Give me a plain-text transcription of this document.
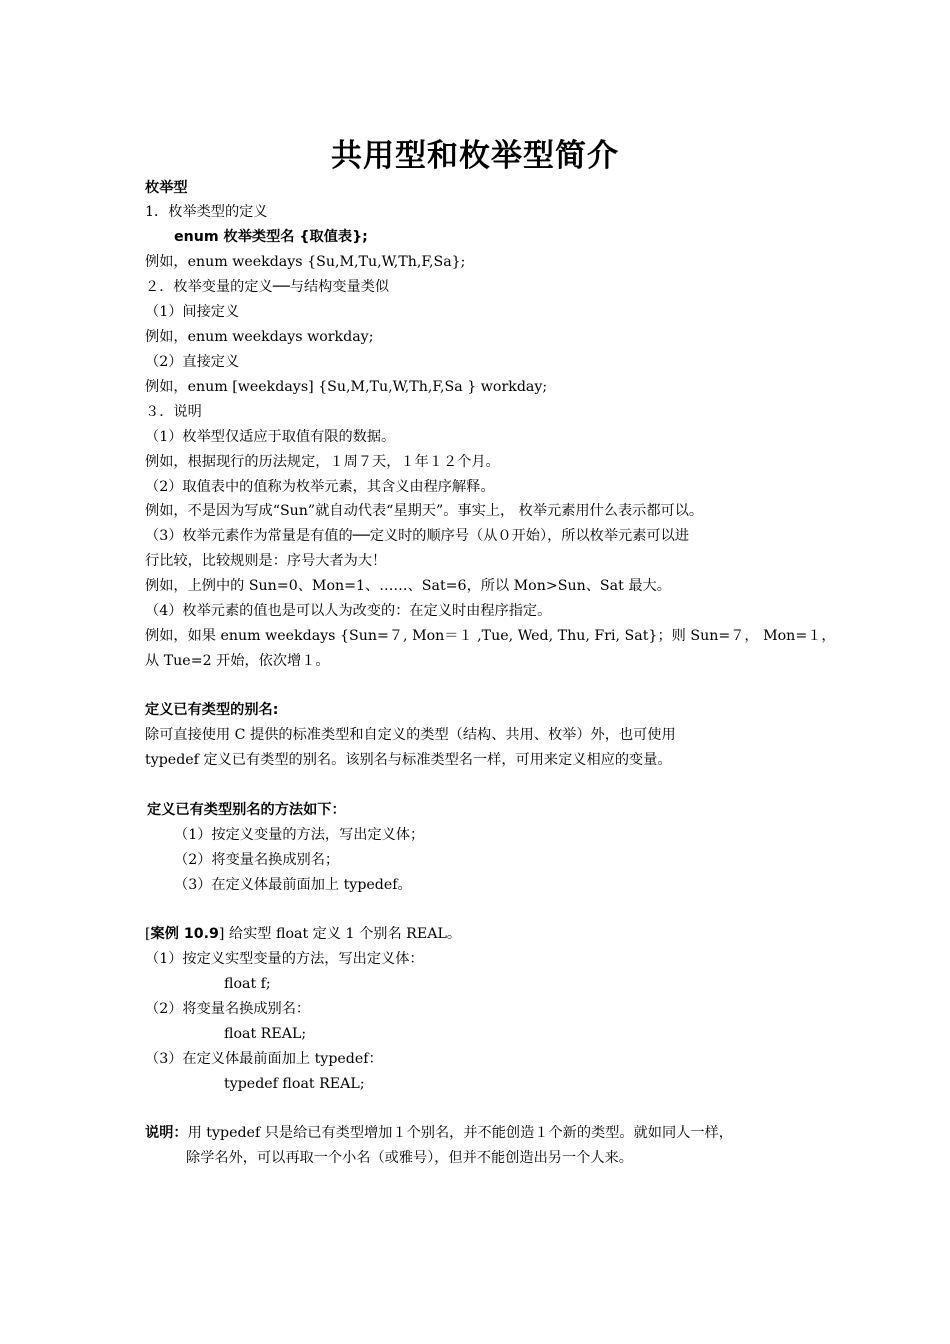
共用型和枚举型简介
枚举型
1．枚举类型的定义
enum 枚举类型名 {取值表};
例如，enum weekdays {Su,M,Tu,W,Th,F,Sa};
２．枚举变量的定义──与结构变量类似
（1）间接定义
例如，enum weekdays workday;
（2）直接定义
例如，enum [weekdays] {Su,M,Tu,W,Th,F,Sa } workday;
３．说明
（1）枚举型仅适应于取值有限的数据。
例如，根据现行的历法规定，１周７天，１年１２个月。
（2）取值表中的值称为枚举元素，其含义由程序解释。
例如，不是因为写成“Sun”就自动代表“星期天”。事实上， 枚举元素用什么表示都可以。
（3）枚举元素作为常量是有值的──定义时的顺序号（从０开始），所以枚举元素可以进
行比较，比较规则是：序号大者为大！
例如，上例中的 Sun=0、Mon=1、……、Sat=6，所以 Mon>Sun、Sat 最大。
（4）枚举元素的值也是可以人为改变的：在定义时由程序指定。
例如，如果 enum weekdays {Sun=７, Mon＝１ ,Tue, Wed, Thu, Fri, Sat}；则 Sun=７， Mon=１，
从 Tue=2 开始，依次增１。
定义已有类型的别名:
除可直接使用 C 提供的标准类型和自定义的类型（结构、共用、枚举）外，也可使用
typedef 定义已有类型的别名。该别名与标准类型名一样，可用来定义相应的变量。
定义已有类型别名的方法如下：
（1）按定义变量的方法，写出定义体；
（2）将变量名换成别名；
（3）在定义体最前面加上 typedef。
[案例 10.9] 给实型 float 定义 1 个别名 REAL。
（1）按定义实型变量的方法，写出定义体：
float f;
（2）将变量名换成别名：
float REAL;
（3）在定义体最前面加上 typedef：
typedef float REAL;
说明：用 typedef 只是给已有类型增加１个别名，并不能创造１个新的类型。就如同人一样，
除学名外，可以再取一个小名（或雅号），但并不能创造出另一个人来。
